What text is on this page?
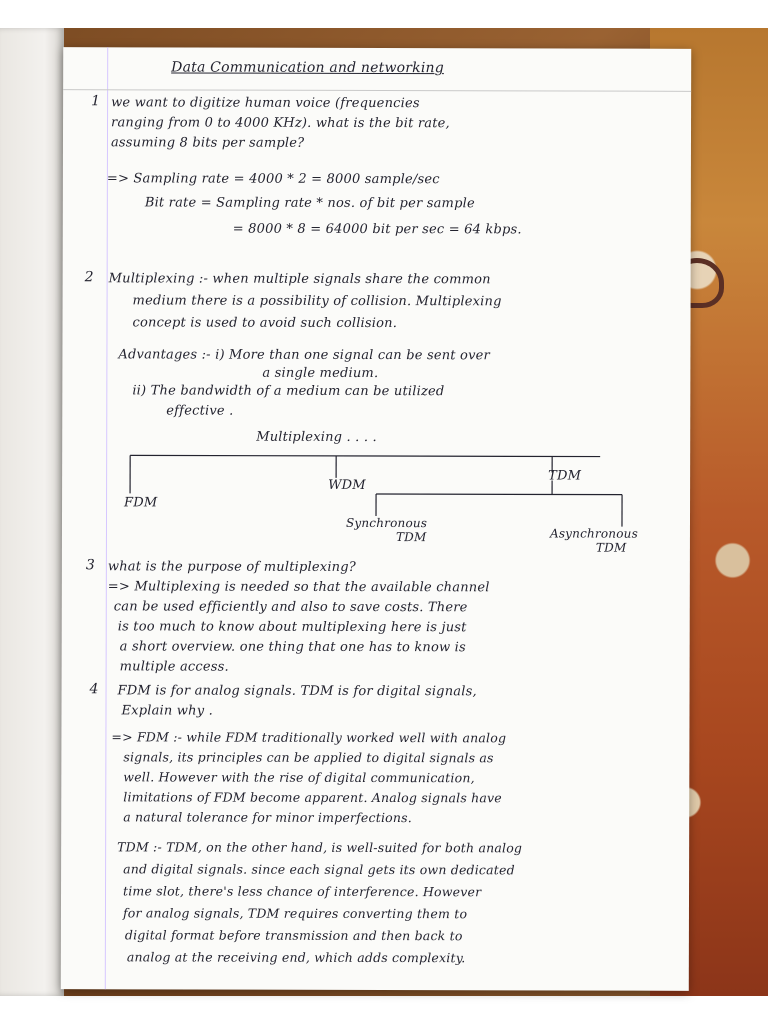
Data Communication and networking
1 we want to digitize human voice (frequencies
ranging from 0 to 4000 KHz). what is the bit rate,
assuming 8 bits per sample?
=> Sampling rate = 4000 * 2 = 8000 sample/sec
Bit rate = Sampling rate * nos. of bit per sample
= 8000 * 8 = 64000 bit per sec = 64 kbps.
2 Multiplexing :- when multiple signals share the common
medium there is a possibility of collision. Multiplexing
concept is used to avoid such collision.
Advantages :- i) More than one signal can be sent over
a single medium.
ii) The bandwidth of a medium can be utilized
effective .
Multiplexing . . . .
FDM
WDM
TDM
Synchronous
TDM	Asynchronous
TDM
3 what is the purpose of multiplexing?
=> Multiplexing is needed so that the available channel
can be used efficiently and also to save costs. There
is too much to know about multiplexing here is just
a short overview. one thing that one has to know is
multiple access.
4 FDM is for analog signals. TDM is for digital signals,
Explain why .
=> FDM :- while FDM traditionally worked well with analog
signals, its principles can be applied to digital signals as
well. However with the rise of digital communication,
limitations of FDM become apparent. Analog signals have
a natural tolerance for minor imperfections.
TDM :- TDM, on the other hand, is well-suited for both analog
and digital signals. since each signal gets its own dedicated
time slot, there's less chance of interference. However
for analog signals, TDM requires converting them to
digital format before transmission and then back to
analog at the receiving end, which adds complexity.
